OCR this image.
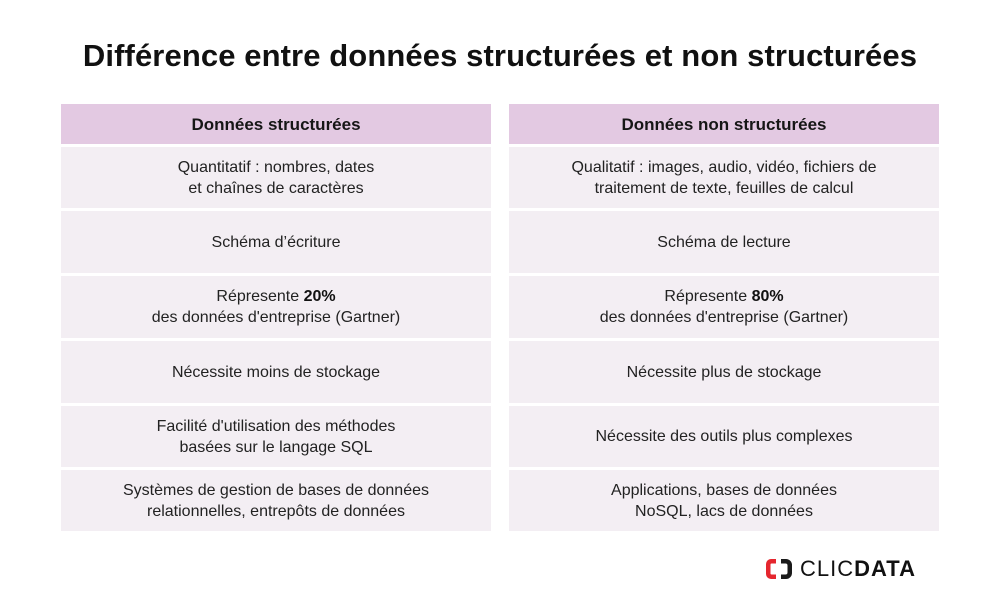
Différence entre données structurées et non structurées
Données structurées
Quantitatif : nombres, dates
et chaînes de caractères
Schéma d’écriture
Répresente 20%
des données d'entreprise (Gartner)
Nécessite moins de stockage
Facilité d'utilisation des méthodes
basées sur le langage SQL
Systèmes de gestion de bases de données
relationnelles, entrepôts de données
Données non structurées
Qualitatif : images, audio, vidéo, fichiers de
traitement de texte, feuilles de calcul
Schéma de lecture
Répresente 80%
des données d'entreprise (Gartner)
Nécessite plus de stockage
Nécessite des outils plus complexes
Applications, bases de données
NoSQL, lacs de données
CLICDATA
